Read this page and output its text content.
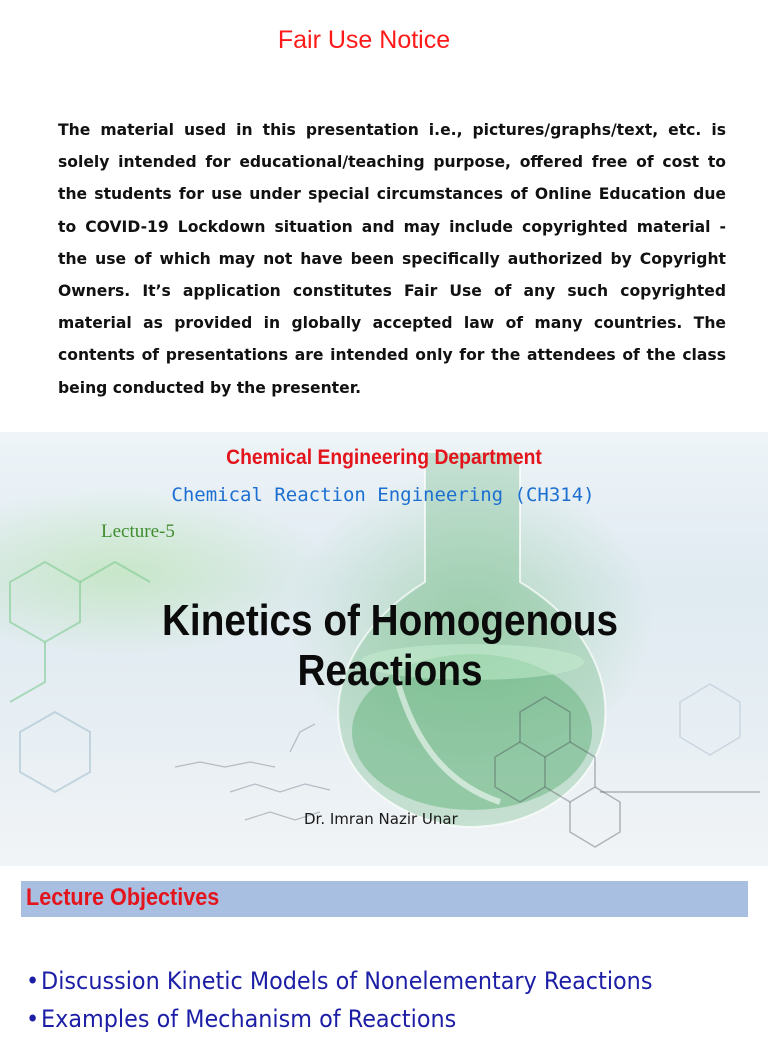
Fair Use Notice

The material used in this presentation i.e., pictures/graphs/text, etc. is solely intended for educational/teaching purpose, offered free of cost to the students for use under special circumstances of Online Education due to COVID-19 Lockdown situation and may include copyrighted material - the use of which may not have been specifically authorized by Copyright Owners. It’s application constitutes Fair Use of any such copyrighted material as provided in globally accepted law of many countries. The contents of presentations are intended only for the attendees of the class being conducted by the presenter.

Chemical Engineering Department
Chemical Reaction Engineering (CH314)
Lecture-5
Kinetics of Homogenous
Reactions
Dr. Imran Nazir Unar
Lecture Objectives
•Discussion Kinetic Models of Nonelementary Reactions
•Examples of Mechanism of Reactions
